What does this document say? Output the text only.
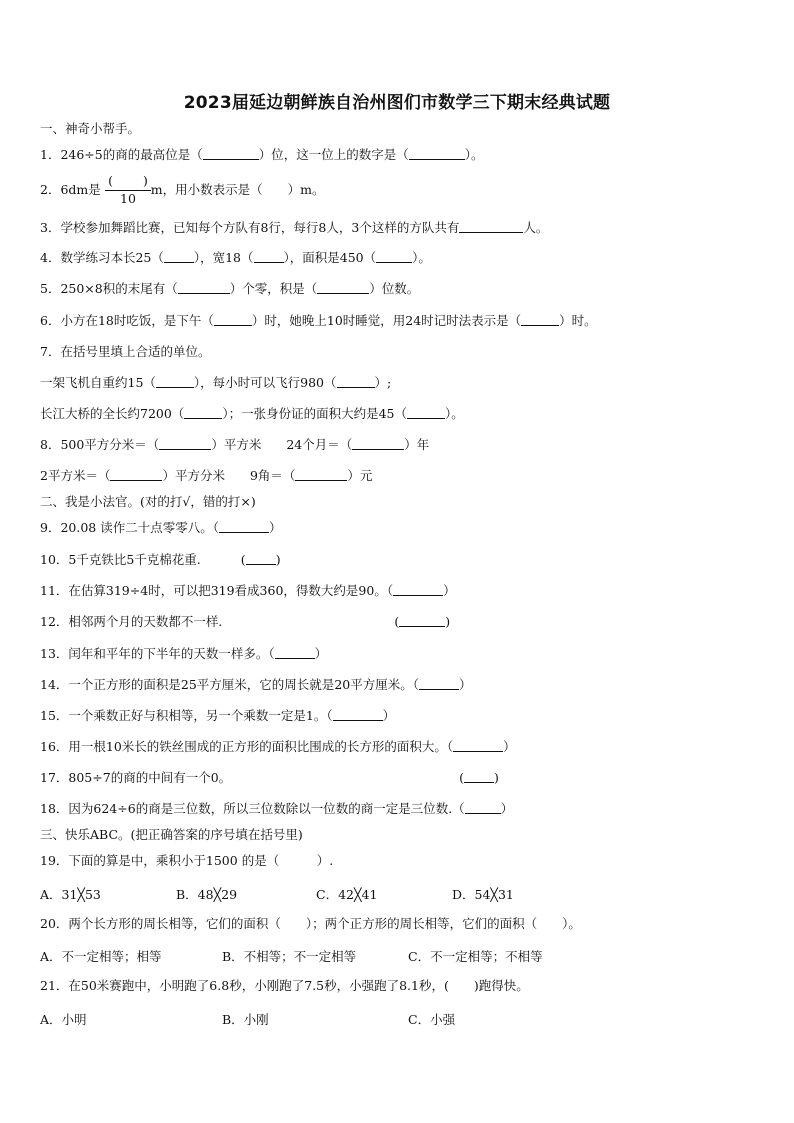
2023届延边朝鲜族自治州图们市数学三下期末经典试题
一、神奇小帮手。
1．246÷5的商的最高位是（	）位，这一位上的数字是（	）。
2．6dm是	m，用小数表示是（　　）m。
( )
10
3．学校参加舞蹈比赛，已知每个方队有8行，每行8人，3个这样的方队共有	人。
4．数学练习本长25（ ），宽18（ ），面积是450（	）。
5．250×8积的末尾有（	）个零，积是（	）位数。
6．小方在18时吃饭，是下午（	）时，她晚上10时睡觉，用24时记时法表示是（	）时。
7．在括号里填上合适的单位。
一架飞机自重约15（	），每小时可以飞行980（	）;
长江大桥的全长约7200（	）；一张身份证的面积大约是45（	）。
8．500平方分米＝（	）平方米　　24个月＝（	）年
2平方米＝（	）平方分米　　9角＝（	）元
二、我是小法官。(对的打√，错的打×)
9．20.08 读作二十点零零八。（	）
10．5千克铁比5千克棉花重.	( )
11．在估算319÷4时，可以把319看成360，得数大约是90。（	）
12．相邻两个月的天数都不一样.	(	)
13．闰年和平年的下半年的天数一样多。（	）
14．一个正方形的面积是25平方厘米，它的周长就是20平方厘米。（	）
15．一个乘数正好与积相等，另一个乘数一定是1。（	）
16．用一根10米长的铁丝围成的正方形的面积比围成的长方形的面积大。（	）
17．805÷7的商的中间有一个0。	( )
18．因为624÷6的商是三位数，所以三位数除以一位数的商一定是三位数.（	）
三、快乐ABC。(把正确答案的序号填在括号里)
19．下面的算是中，乘积小于1500 的是（　　　）.
A．31╳53	B．48╳29	C．42╳41	D．54╳31
20．两个长方形的周长相等，它们的面积（　　）；两个正方形的周长相等，它们的面积（　　）。
A．不一定相等；相等	B．不相等；不一定相等	C．不一定相等；不相等
21．在50米赛跑中，小明跑了6.8秒，小刚跑了7.5秒，小强跑了8.1秒，(　　)跑得快。
A．小明	B．小刚	C．小强
